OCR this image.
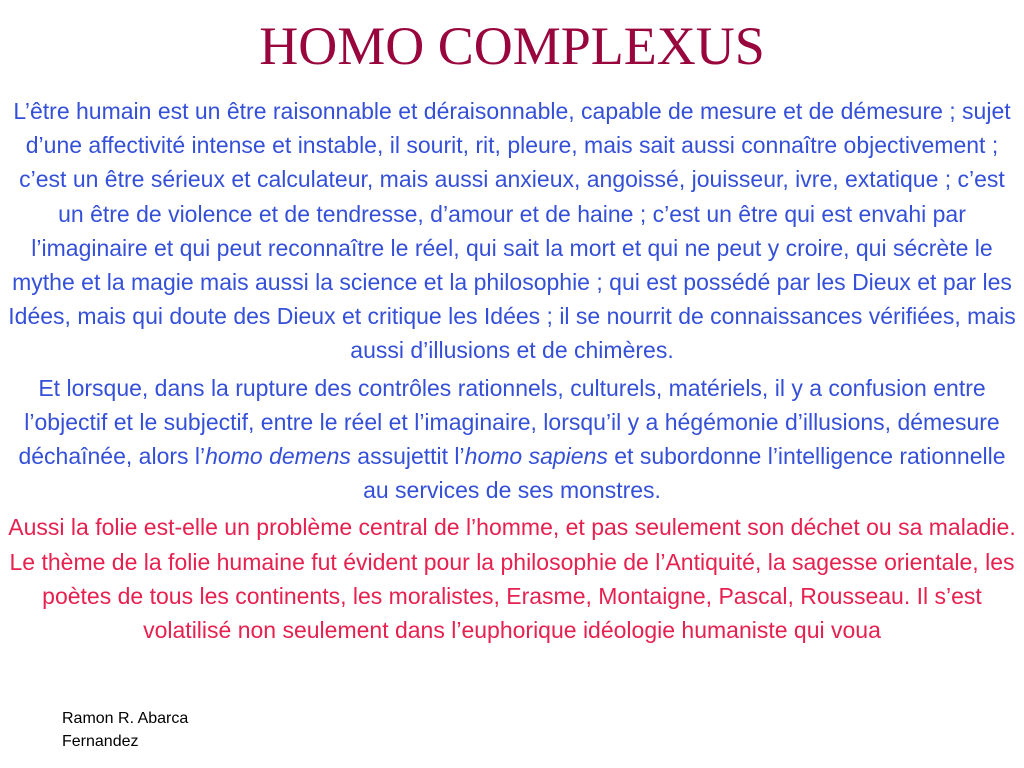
HOMO COMPLEXUS

L’être humain est un être raisonnable et déraisonnable, capable de mesure et de démesure ; sujet d’une affectivité intense et instable, il sourit, rit, pleure, mais sait aussi connaître objectivement ; c’est un être sérieux et calculateur, mais aussi anxieux, angoissé, jouisseur, ivre, extatique ; c’est un être de violence et de tendresse, d’amour et de haine ; c’est un être qui est envahi par l’imaginaire et qui peut reconnaître le réel, qui sait la mort et qui ne peut y croire, qui sécrète le mythe et la magie mais aussi la science et la philosophie ; qui est possédé par les Dieux et par les Idées, mais qui doute des Dieux et critique les Idées ; il se nourrit de connaissances vérifiées, mais aussi d’illusions et de chimères.

Et lorsque, dans la rupture des contrôles rationnels, culturels, matériels, il y a confusion entre l’objectif et le subjectif, entre le réel et l’imaginaire, lorsqu’il y a hégémonie d’illusions, démesure déchaînée, alors l’homo demens assujettit l’homo sapiens et subordonne l’intelligence rationnelle au services de ses monstres.

Aussi la folie est-elle un problème central de l’homme, et pas seulement son déchet ou sa maladie. Le thème de la folie humaine fut évident pour la philosophie de l’Antiquité, la sagesse orientale, les poètes de tous les continents, les moralistes, Erasme, Montaigne, Pascal, Rousseau. Il s’est volatilisé non seulement dans l’euphorique idéologie humaniste qui voua

Ramon R. Abarca Fernandez
